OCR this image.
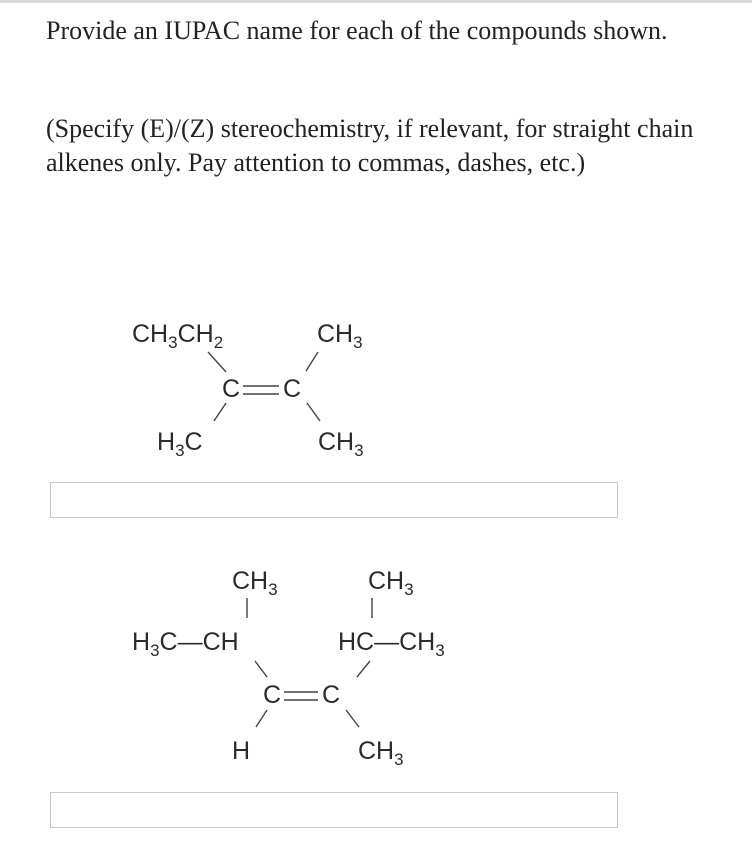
Provide an IUPAC name for each of the compounds shown.

(Specify (E)/(Z) stereochemistry, if relevant, for straight chain alkenes only. Pay attention to commas, dashes, etc.)

$CH_3CH_2$	$CH_3$
C C
$H_3C$	$CH_3$
$CH_3$	$CH_3$
$H_3C—CH$	$HC—CH_3$
C C
H	$CH_3$
